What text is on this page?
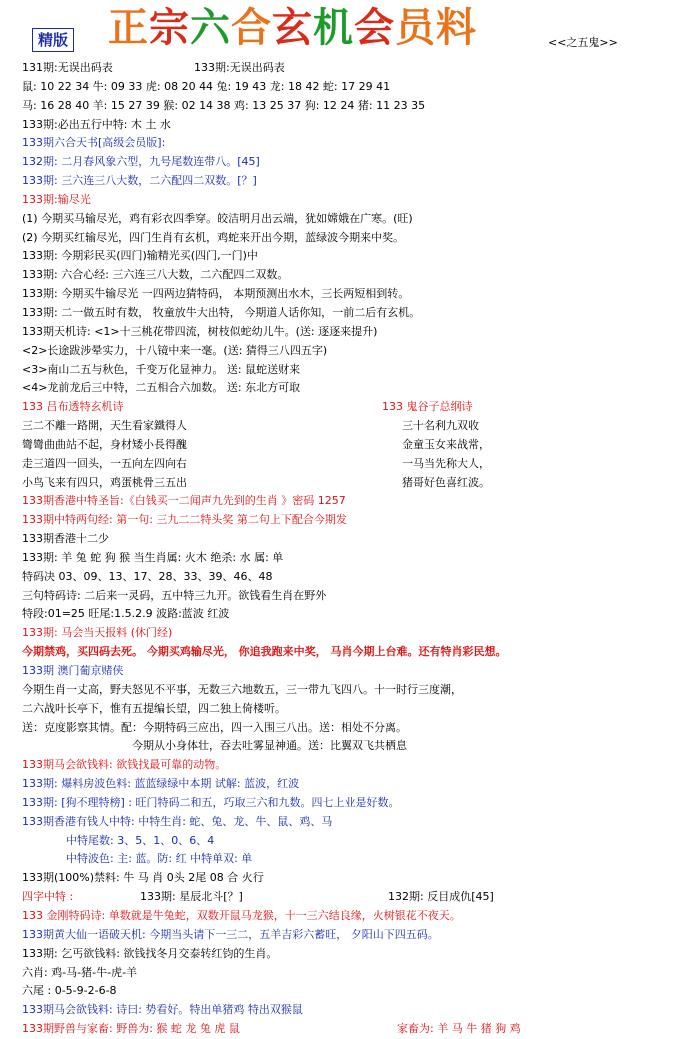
精版 正宗六合玄机会员料	<<之五鬼>>
131期:无误出码表	133期:无误出码表
鼠: 10 22 34 牛: 09 33 虎: 08 20 44 兔: 19 43 龙: 18 42 蛇: 17 29 41
马: 16 28 40 羊: 15 27 39 猴: 02 14 38 鸡: 13 25 37 狗: 12 24 猪: 11 23 35
133期:必出五行中特: 木 土 水
133期六合天书[高级会员版]:
132期: 二月春风象六型，九号尾数连带八。[45]
133期: 三六连三八大数，二六配四二双数。[？]
133期:输尽光
(1) 今期买马输尽光，鸡有彩衣四季穿。皎洁明月出云端，犹如嫦娥在广寒。(旺)
(2) 今期买红输尽光，四门生肖有玄机，鸡蛇来开出今期，蓝绿波今期来中奖。
133期: 今期彩民买(四门)输精光买(四门,一门)中
133期: 六合心经: 三六连三八大数，二六配四二双数。
133期: 今期买牛输尽光 一四两边猜特码， 本期预测出水木，三长两短相到转。
133期: 二一做五时有数， 牧童放牛大出特， 今期道人话你知，一前二后有玄机。
133期天机诗: <1>十三桃花带四流，树枝似蛇幼儿牛。(送: 逐逐来提升)
<2>长途跋涉晕实力，十八镜中来一毫。(送: 猜得三八四五字)
<3>南山二五与秋色，千变万化显神力。 送: 鼠蛇送财来
<4>龙前龙后三中特，二五相合六加数。 送: 东北方可取
133 吕布透特玄机诗	133 鬼谷子总纲诗
三二不離一路開，天生看家鐵得人	三十名利九双收
彎彎曲曲站不起，身材矮小長得醜	金童玉女来战常，
走三道四一回头，一五向左四向右	一马当先称大人，
小鸟飞来有四只，鸡蛋桃骨三五出	猪哥好色喜红波。
133期香港中特圣旨:《白钱买一二闻声九先到的生肖 》密码 1257
133期中特两句经: 第一句: 三九二二特头奖 第二句上下配合今期发
133期香港十二少
133期: 羊 兔 蛇 狗 猴 当生肖属: 火木 绝杀: 水 属: 单
特码决 03、09、13、17、28、33、39、46、48
三句特码诗: 二后来一灵码，五中特三九开。欲钱看生肖在野外
特段:01=25 旺尾:1.5.2.9 波路:蓝波 红波
133期: 马会当天报料 (休门经)
今期禁鸡，买四码去死。 今期买鸡输尽光， 你追我跑来中奖， 马肖今期上台难。还有特肖彩民想。
133期 澳门葡京赌侠
今期生肖一丈高，野夫怒见不平事，无数三六地数五，三一带九飞四八。十一时行三度潮，
二六战叶长亭下，惟有五提编长望，四二独上倚楼听。
送：克度影察其情。配：今期特码三应出，四一入围三八出。送：相处不分离。
今期从小身体壮，吞去吐雾显神通。送：比翼双飞共栖息
133期马会欲钱料: 欲钱找最可靠的动物。
133期: 爆料房波色料: 蓝蓝绿绿中本期 试解: 蓝波，红波
133期: [狗不理特榜] : 旺门特码二和五，巧取三六和九数。四七上业是好数。
133期香港有钱人中特: 中特生肖: 蛇、兔、龙、牛、鼠、鸡、马
中特尾数: 3、5、1、0、6、4
中特波色: 主: 蓝。防: 红 中特单双: 单
133期(100%)禁料: 牛 马 肖 0头 2尾 08 合 火行
四字中特 :	133期: 星辰北斗[？]	132期: 反目成仇[45]
133 金刚特码诗: 单数就是牛兔蛇，双数开鼠马龙猴，十一三六结良缘，火树银花不夜天。
133期黄大仙一语破天机: 今期当头请下一三二，五羊吉彩六蓄旺， 夕阳山下四五码。
133期: 乞丐欲钱料: 欲钱找冬月交泰转红钧的生肖。
六肖: 鸡-马-猪-牛-虎-羊
六尾 : 0-5-9-2-6-8
133期马会欲钱料: 诗曰: 势看好。特出单猪鸡 特出双猴鼠
133期野兽与家畜: 野兽为: 猴 蛇 龙 兔 虎 鼠	家畜为: 羊 马 牛 猪 狗 鸡
